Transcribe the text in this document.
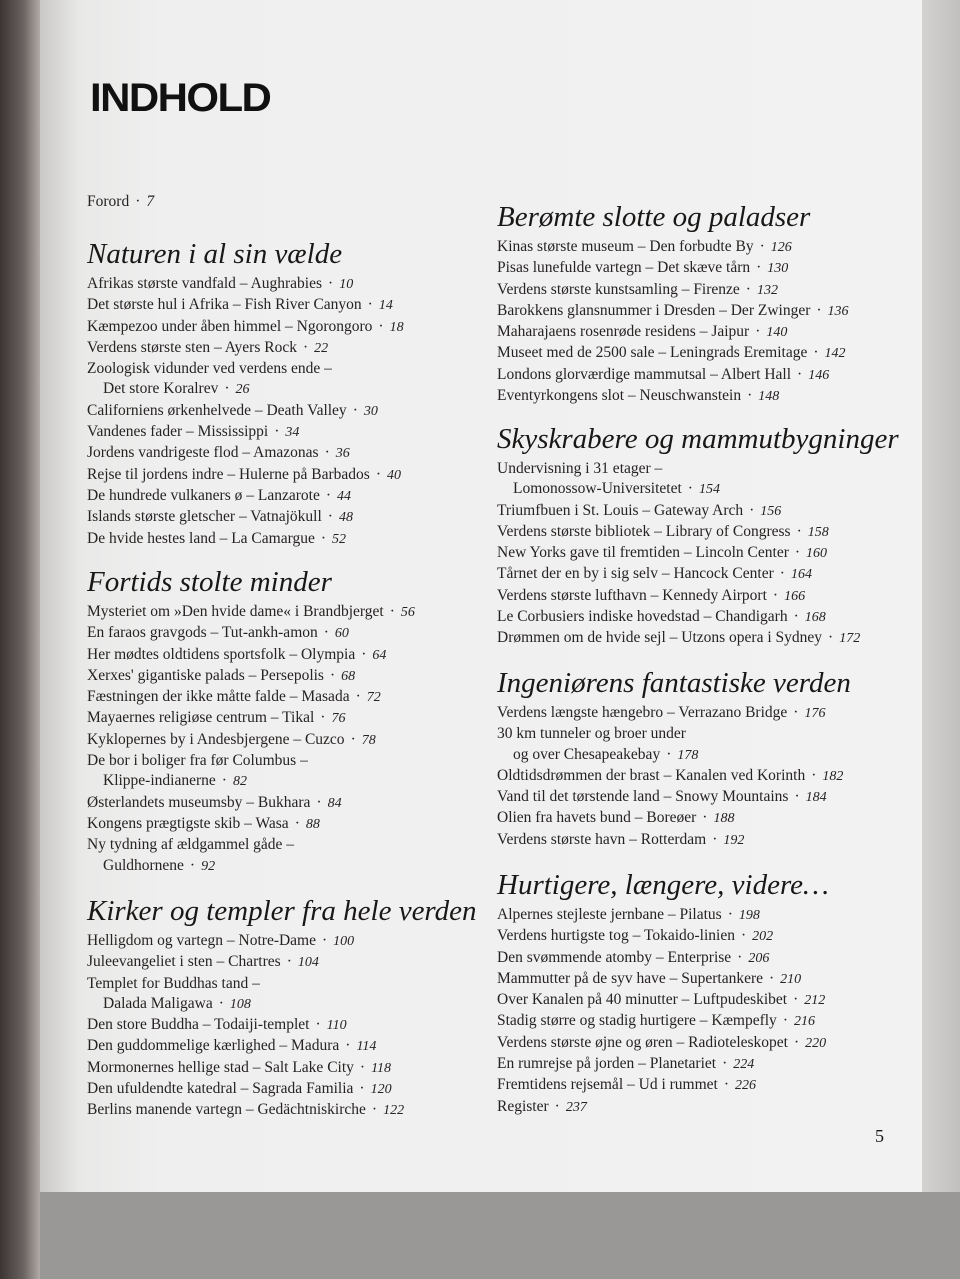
INDHOLD
Forord · 7
Naturen i al sin vælde
Afrikas største vandfald – Aughrabies · 10
Det største hul i Afrika – Fish River Canyon · 14
Kæmpezoo under åben himmel – Ngorongoro · 18
Verdens største sten – Ayers Rock · 22
Zoologisk vidunder ved verdens ende –
Det store Koralrev · 26
Californiens ørkenhelvede – Death Valley · 30
Vandenes fader – Mississippi · 34
Jordens vandrigeste flod – Amazonas · 36
Rejse til jordens indre – Hulerne på Barbados · 40
De hundrede vulkaners ø – Lanzarote · 44
Islands største gletscher – Vatnajökull · 48
De hvide hestes land – La Camargue · 52
Fortids stolte minder
Mysteriet om »Den hvide dame« i Brandbjerget · 56
En faraos gravgods – Tut-ankh-amon · 60
Her mødtes oldtidens sportsfolk – Olympia · 64
Xerxes' gigantiske palads – Persepolis · 68
Fæstningen der ikke måtte falde – Masada · 72
Mayaernes religiøse centrum – Tikal · 76
Kyklopernes by i Andesbjergene – Cuzco · 78
De bor i boliger fra før Columbus –
Klippe-indianerne · 82
Østerlandets museumsby – Bukhara · 84
Kongens prægtigste skib – Wasa · 88
Ny tydning af ældgammel gåde –
Guldhornene · 92
Kirker og templer fra hele verden
Helligdom og vartegn – Notre-Dame · 100
Juleevangeliet i sten – Chartres · 104
Templet for Buddhas tand –
Dalada Maligawa · 108
Den store Buddha – Todaiji-templet · 110
Den guddommelige kærlighed – Madura · 114
Mormonernes hellige stad – Salt Lake City · 118
Den ufuldendte katedral – Sagrada Familia · 120
Berlins manende vartegn – Gedächtniskirche · 122
Berømte slotte og paladser
Kinas største museum – Den forbudte By · 126
Pisas lunefulde vartegn – Det skæve tårn · 130
Verdens største kunstsamling – Firenze · 132
Barokkens glansnummer i Dresden – Der Zwinger · 136
Maharajaens rosenrøde residens – Jaipur · 140
Museet med de 2500 sale – Leningrads Eremitage · 142
Londons glorværdige mammutsal – Albert Hall · 146
Eventyrkongens slot – Neuschwanstein · 148
Skyskrabere og mammutbygninger
Undervisning i 31 etager –
Lomonossow-Universitetet · 154
Triumfbuen i St. Louis – Gateway Arch · 156
Verdens største bibliotek – Library of Congress · 158
New Yorks gave til fremtiden – Lincoln Center · 160
Tårnet der en by i sig selv – Hancock Center · 164
Verdens største lufthavn – Kennedy Airport · 166
Le Corbusiers indiske hovedstad – Chandigarh · 168
Drømmen om de hvide sejl – Utzons opera i Sydney · 172
Ingeniørens fantastiske verden
Verdens længste hængebro – Verrazano Bridge · 176
30 km tunneler og broer under
og over Chesapeakebay · 178
Oldtidsdrømmen der brast – Kanalen ved Korinth · 182
Vand til det tørstende land – Snowy Mountains · 184
Olien fra havets bund – Boreøer · 188
Verdens største havn – Rotterdam · 192
Hurtigere, længere, videre…
Alpernes stejleste jernbane – Pilatus · 198
Verdens hurtigste tog – Tokaido-linien · 202
Den svømmende atomby – Enterprise · 206
Mammutter på de syv have – Supertankere · 210
Over Kanalen på 40 minutter – Luftpudeskibet · 212
Stadig større og stadig hurtigere – Kæmpefly · 216
Verdens største øjne og øren – Radioteleskopet · 220
En rumrejse på jorden – Planetariet · 224
Fremtidens rejsemål – Ud i rummet · 226
Register · 237
5
